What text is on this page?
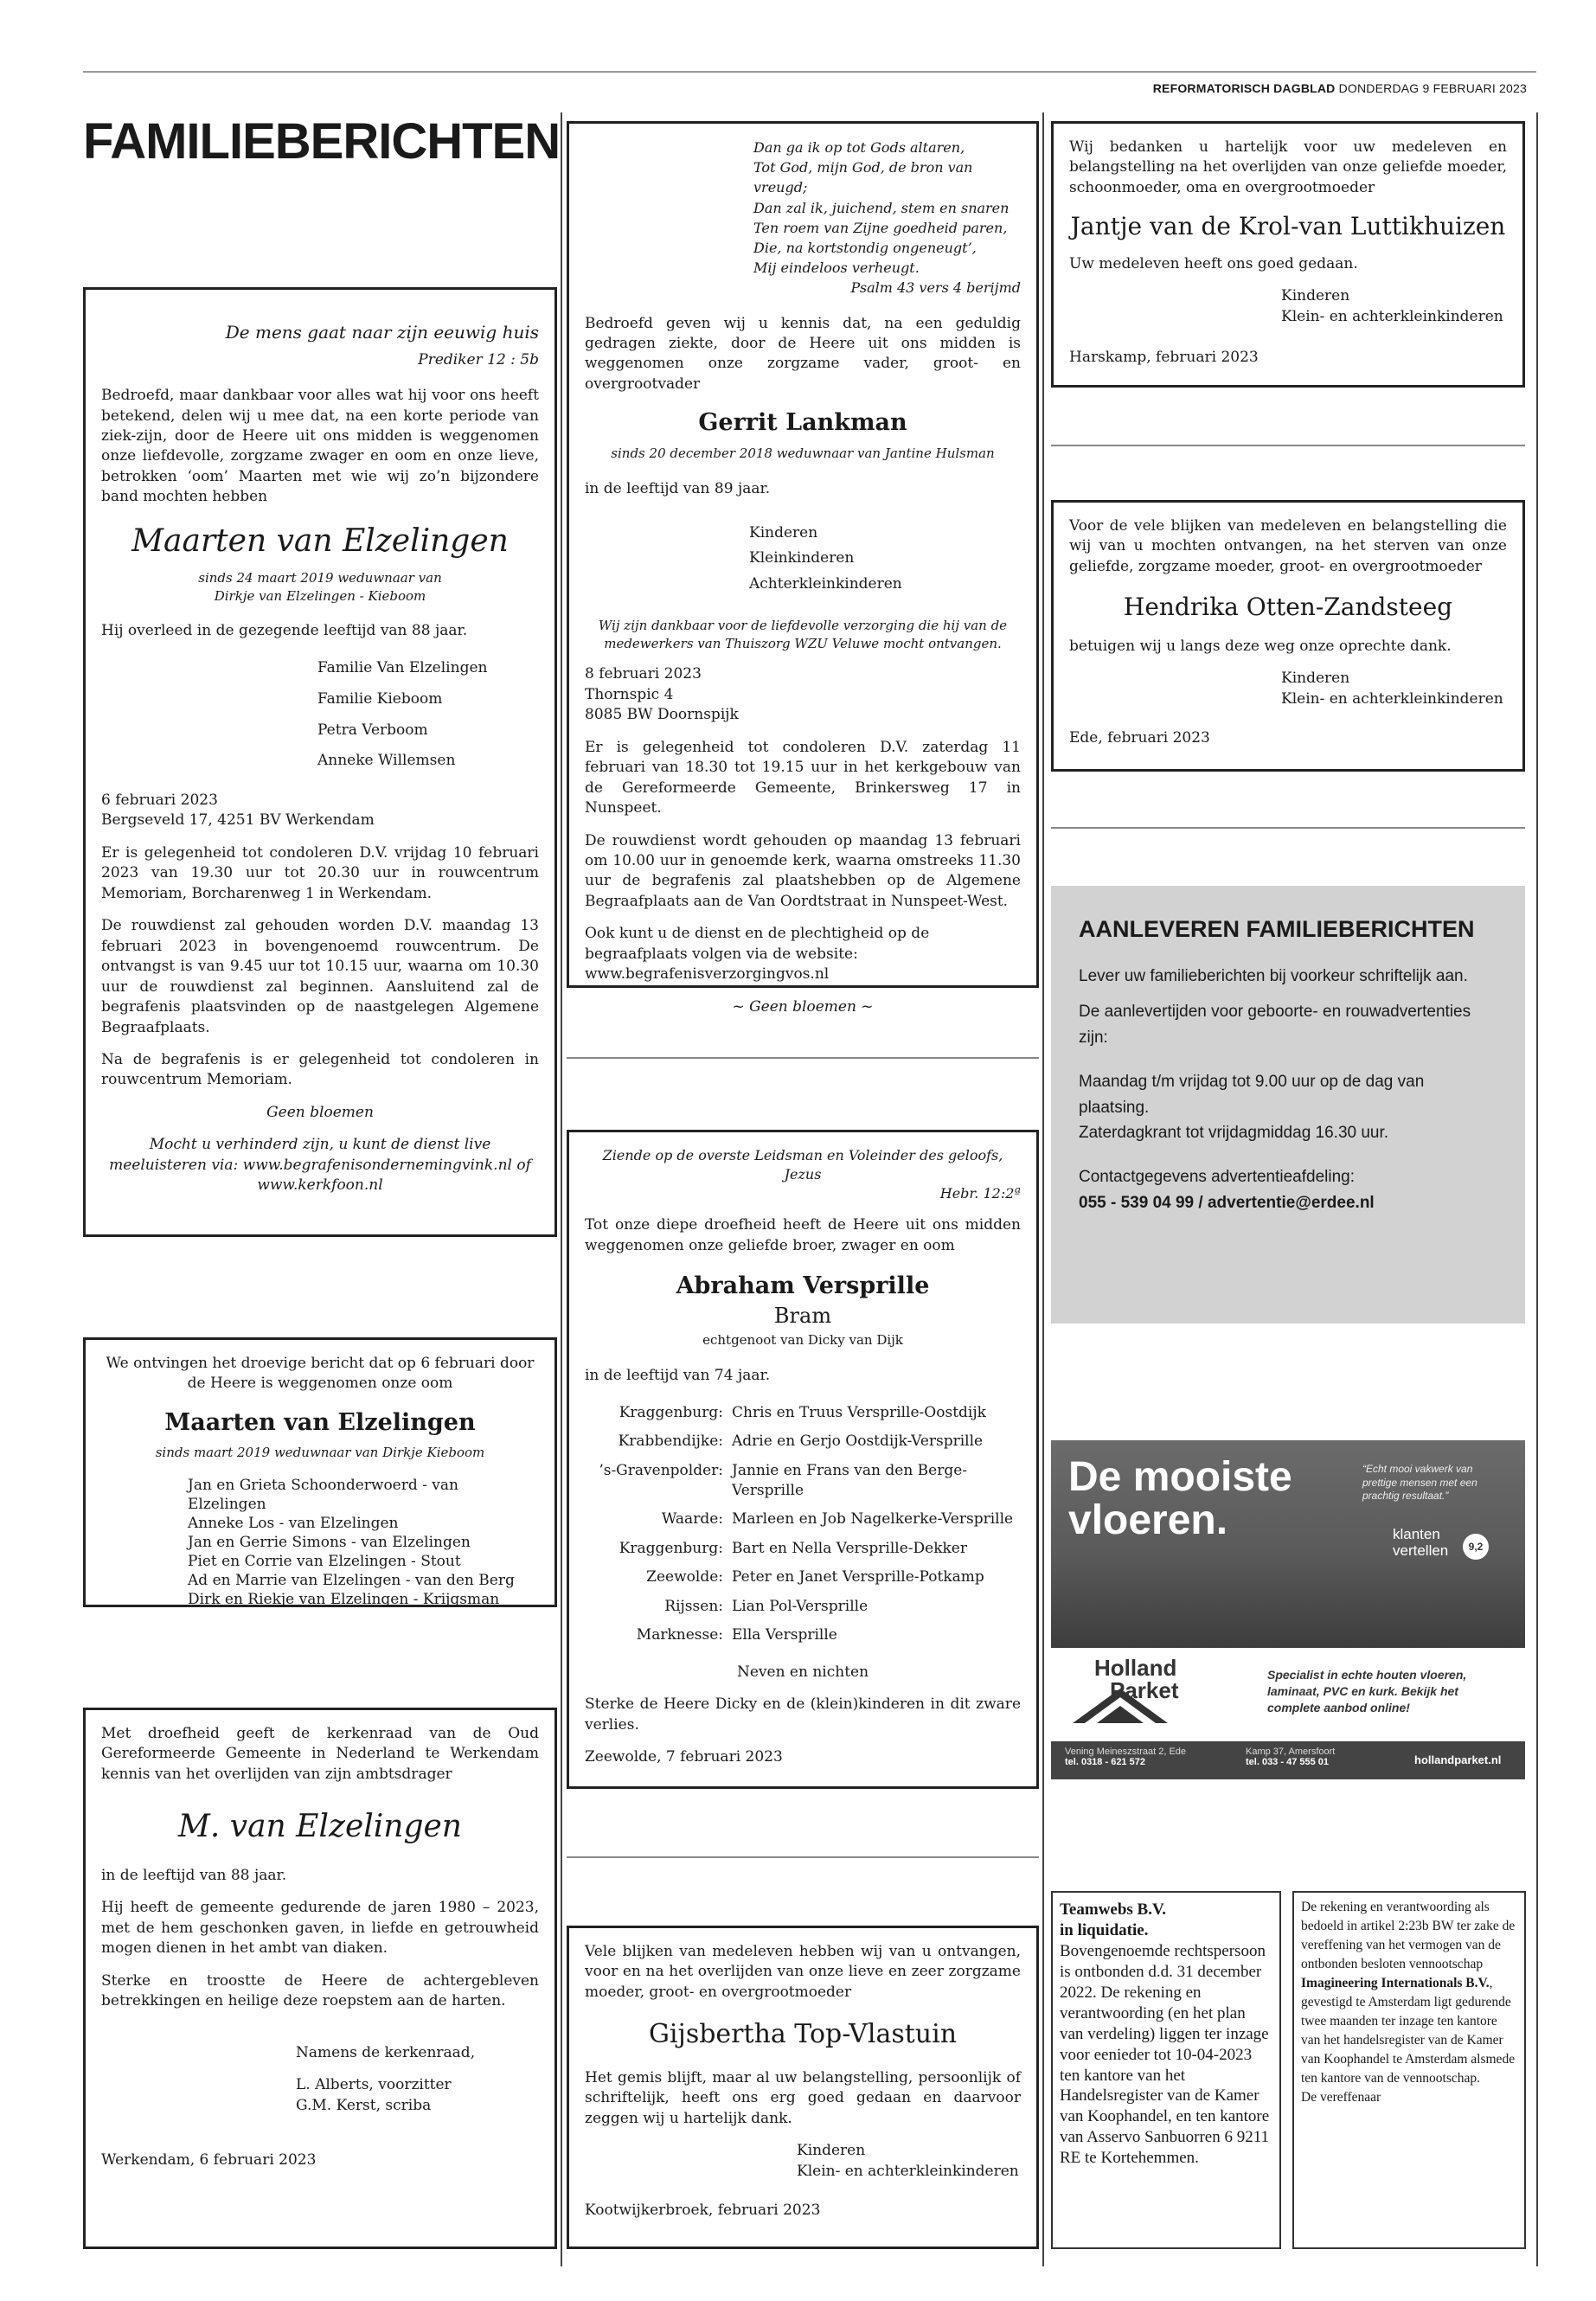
REFORMATORISCH DAGBLAD DONDERDAG 9 FEBRUARI 2023
FAMILIEBERICHTEN
De mens gaat naar zijn eeuwig huis
Prediker 12 : 5b

Bedroefd, maar dankbaar voor alles wat hij voor ons heeft betekend, delen wij u mee dat, na een korte periode van ziek-zijn, door de Heere uit ons midden is weggenomen onze liefdevolle, zorgzame zwager en oom en onze lieve, betrokken ‘oom’ Maarten met wie wij zo’n bijzondere band mochten hebben

Maarten van Elzelingen
sinds 24 maart 2019 weduwnaar van
Dirkje van Elzelingen - Kieboom

Hij overleed in de gezegende leeftijd van 88 jaar.

Familie Van Elzelingen
Familie Kieboom
Petra Verboom
Anneke Willemsen
6 februari 2023

Bergseveld 17, 4251 BV Werkendam

Er is gelegenheid tot condoleren D.V. vrijdag 10 februari 2023 van 19.30 uur tot 20.30 uur in rouwcentrum Memoriam, Borcharenweg 1 in Werkendam.

De rouwdienst zal gehouden worden D.V. maandag 13 februari 2023 in bovengenoemd rouwcentrum. De ontvangst is van 9.45 uur tot 10.15 uur, waarna om 10.30 uur de rouwdienst zal beginnen. Aansluitend zal de begrafenis plaatsvinden op de naastgelegen Algemene Begraafplaats.

Na de begrafenis is er gelegenheid tot condoleren in rouwcentrum Memoriam.

Geen bloemen

Mocht u verhinderd zijn, u kunt de dienst live meeluisteren via: www.begrafenisondernemingvink.nl of www.kerkfoon.nl
We ontvingen het droevige bericht dat op 6 februari door de Heere is weggenomen onze oom
Maarten van Elzelingen
sinds maart 2019 weduwnaar van Dirkje Kieboom
Jan en Grieta Schoonderwoerd - van Elzelingen
Anneke Los - van Elzelingen
Jan en Gerrie Simons - van Elzelingen
Piet en Corrie van Elzelingen - Stout
Ad en Marrie van Elzelingen - van den Berg
Dirk en Riekje van Elzelingen - Krijgsman

Met droefheid geeft de kerkenraad van de Oud Gereformeerde Gemeente in Nederland te Werkendam kennis van het overlijden van zijn ambtsdrager

M. van Elzelingen

in de leeftijd van 88 jaar.

Hij heeft de gemeente gedurende de jaren 1980 – 2023, met de hem geschonken gaven, in liefde en getrouwheid mogen dienen in het ambt van diaken.

Sterke en troostte de Heere de achtergebleven betrekkingen en heilige deze roepstem aan de harten.

Namens de kerkenraad,

L. Alberts, voorzitter
G.M. Kerst, scriba
Werkendam, 6 februari 2023
Dan ga ik op tot Gods altaren,
Tot God, mijn God, de bron van vreugd;
Dan zal ik, juichend, stem en snaren
Ten roem van Zijne goedheid paren,
Die, na kortstondig ongeneugt’,
Mij eindeloos verheugt.
Psalm 43 vers 4 berijmd

Bedroefd geven wij u kennis dat, na een geduldig gedragen ziekte, door de Heere uit ons midden is weggenomen onze zorgzame vader, groot- en overgrootvader

Gerrit Lankman
sinds 20 december 2018 weduwnaar van Jantine Hulsman

in de leeftijd van 89 jaar.

Kinderen
Kleinkinderen
Achterkleinkinderen

Wij zijn dankbaar voor de liefdevolle verzorging die hij van de medewerkers van Thuiszorg WZU Veluwe mocht ontvangen.

8 februari 2023
Thornspic 4

8085 BW Doornspijk

Er is gelegenheid tot condoleren D.V. zaterdag 11 februari van 18.30 tot 19.15 uur in het kerkgebouw van de Gereformeerde Gemeente, Brinkersweg 17 in Nunspeet.

De rouwdienst wordt gehouden op maandag 13 februari om 10.00 uur in genoemde kerk, waarna omstreeks 11.30 uur de begrafenis zal plaatshebben op de Algemene Begraafplaats aan de Van Oordtstraat in Nunspeet-West.

Ook kunt u de dienst en de plechtigheid op de begraafplaats volgen via de website: www.begrafenisverzorgingvos.nl

~ Geen bloemen ~
Ziende op de overste Leidsman en Voleinder des geloofs, Jezus
Hebr. 12:2ª

Tot onze diepe droefheid heeft de Heere uit ons midden weggenomen onze geliefde broer, zwager en oom

Abraham Versprille
Bram
echtgenoot van Dicky van Dijk

in de leeftijd van 74 jaar.

Kraggenburg:	Chris en Truus Versprille-Oostdijk
Krabbendijke:	Adrie en Gerjo Oostdijk-Versprille
’s-Gravenpolder:	Jannie en Frans van den Berge-Versprille
Waarde:	Marleen en Job Nagelkerke-Versprille
Kraggenburg:	Bart en Nella Versprille-Dekker
Zeewolde:	Peter en Janet Versprille-Potkamp
Rijssen:	Lian Pol-Versprille
Marknesse:	Ella Versprille

Neven en nichten

Sterke de Heere Dicky en de (klein)kinderen in dit zware verlies.

Zeewolde, 7 februari 2023

Vele blijken van medeleven hebben wij van u ontvangen, voor en na het overlijden van onze lieve en zeer zorgzame moeder, groot- en overgrootmoeder

Gijsbertha Top-Vlastuin

Het gemis blijft, maar al uw belangstelling, persoonlijk of schriftelijk, heeft ons erg goed gedaan en daarvoor zeggen wij u hartelijk dank.

Kinderen
Klein- en achterkleinkinderen
Kootwijkerbroek, februari 2023
Wij bedanken u hartelijk voor uw medeleven en belangstelling na het overlijden van onze geliefde moeder, schoonmoeder, oma en overgrootmoeder
Jantje van de Krol-van Luttikhuizen

Uw medeleven heeft ons goed gedaan.

Kinderen
Klein- en achterkleinkinderen
Harskamp, februari 2023
Voor de vele blijken van medeleven en belangstelling die wij van u mochten ontvangen, na het sterven van onze geliefde, zorgzame moeder, groot- en overgrootmoeder
Hendrika Otten-Zandsteeg

betuigen wij u langs deze weg onze oprechte dank.

Kinderen
Klein- en achterkleinkinderen
Ede, februari 2023
AANLEVEREN FAMILIEBERICHTEN

Lever uw familieberichten bij voorkeur schriftelijk aan.

De aanlevertijden voor geboorte- en rouwadvertenties zijn:

Maandag t/m vrijdag tot 9.00 uur op de dag van plaatsing.

Zaterdagkrant tot vrijdagmiddag 16.30 uur.

Contactgegevens advertentieafdeling:

055 - 539 04 99 / advertentie@erdee.nl
De mooiste
vloeren.
“Echt mooi vakwerk van prettige mensen met een prachtig resultaat.”
klanten vertellen	9,2
Holland
Parket
Specialist in echte houten vloeren, laminaat, PVC en kurk. Bekijk het complete aanbod online!
Vening Meineszstraat 2, Ede
tel. 0318 - 621 572
Kamp 37, Amersfoort
tel. 033 - 47 555 01	hollandparket.nl
Teamwebs B.V.
in liquidatie.
Bovengenoemde rechtspersoon is ontbonden d.d. 31 december 2022. De rekening en verantwoording (en het plan van verdeling) liggen ter inzage voor eenieder tot 10-04-2023 ten kantore van het Handelsregister van de Kamer van Koophandel, en ten kantore van Asservo Sanbuorren 6 9211 RE te Kortehemmen.
De rekening en verantwoording als bedoeld in artikel 2:23b BW ter zake de vereffening van het vermogen van de ontbonden besloten vennootschap Imagineering Internationals B.V., gevestigd te Amsterdam ligt gedurende twee maanden ter inzage ten kantore van het handelsregister van de Kamer van Koophandel te Amsterdam alsmede ten kantore van de vennootschap.
De vereffenaar
